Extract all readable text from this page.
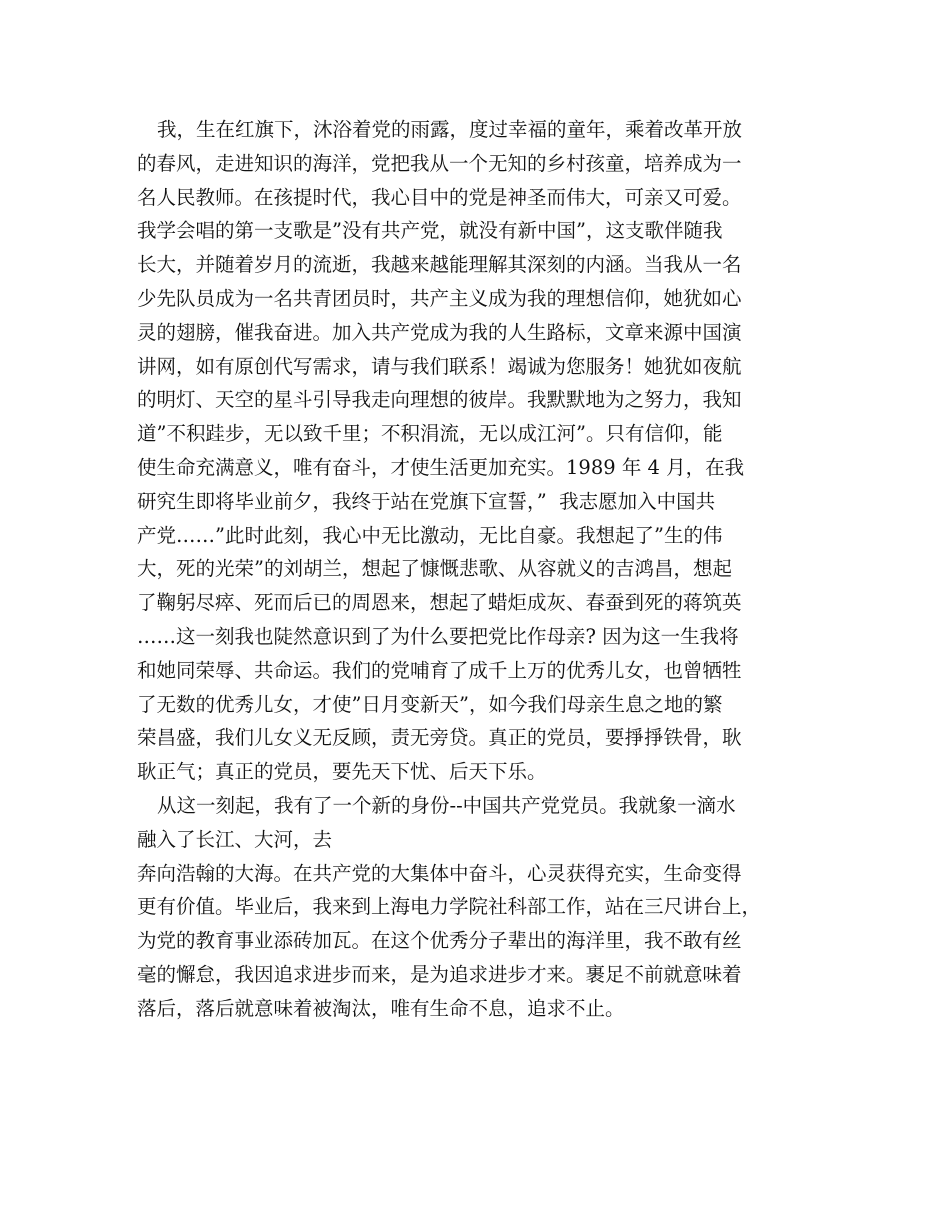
我，生在红旗下，沐浴着党的雨露，度过幸福的童年，乘着改革开放
的春风，走进知识的海洋，党把我从一个无知的乡村孩童，培养成为一
名人民教师。在孩提时代，我心目中的党是神圣而伟大，可亲又可爱。
我学会唱的第一支歌是”没有共产党，就没有新中国”，这支歌伴随我
长大，并随着岁月的流逝，我越来越能理解其深刻的内涵。当我从一名
少先队员成为一名共青团员时，共产主义成为我的理想信仰，她犹如心
灵的翅膀，催我奋进。加入共产党成为我的人生路标，文章来源中国演
讲网，如有原创代写需求，请与我们联系！竭诚为您服务！她犹如夜航
的明灯、天空的星斗引导我走向理想的彼岸。我默默地为之努力，我知
道”不积跬步，无以致千里；不积涓流，无以成江河”。只有信仰，能
使生命充满意义，唯有奋斗，才使生活更加充实。1989 年 4 月，在我
研究生即将毕业前夕，我终于站在党旗下宣誓，”  我志愿加入中国共
产党……”此时此刻，我心中无比激动，无比自豪。我想起了”生的伟
大，死的光荣”的刘胡兰，想起了慷慨悲歌、从容就义的吉鸿昌，想起
了鞠躬尽瘁、死而后已的周恩来，想起了蜡炬成灰、春蚕到死的蒋筑英
……这一刻我也陡然意识到了为什么要把党比作母亲? 因为这一生我将
和她同荣辱、共命运。我们的党哺育了成千上万的优秀儿女，也曾牺牲
了无数的优秀儿女，才使”日月变新天”，如今我们母亲生息之地的繁
荣昌盛，我们儿女义无反顾，责无旁贷。真正的党员，要掙掙铁骨，耿
耿正气；真正的党员，要先天下忧、后天下乐。
从这一刻起，我有了一个新的身份--中国共产党党员。我就象一滴水
融入了长江、大河，去
奔向浩翰的大海。在共产党的大集体中奋斗，心灵获得充实，生命变得
更有价值。毕业后，我来到上海电力学院社科部工作，站在三尺讲台上，
为党的教育事业添砖加瓦。在这个优秀分子辈出的海洋里，我不敢有丝
毫的懈怠，我因追求进步而来，是为追求进步才来。裹足不前就意味着
落后，落后就意味着被淘汰，唯有生命不息，追求不止。
